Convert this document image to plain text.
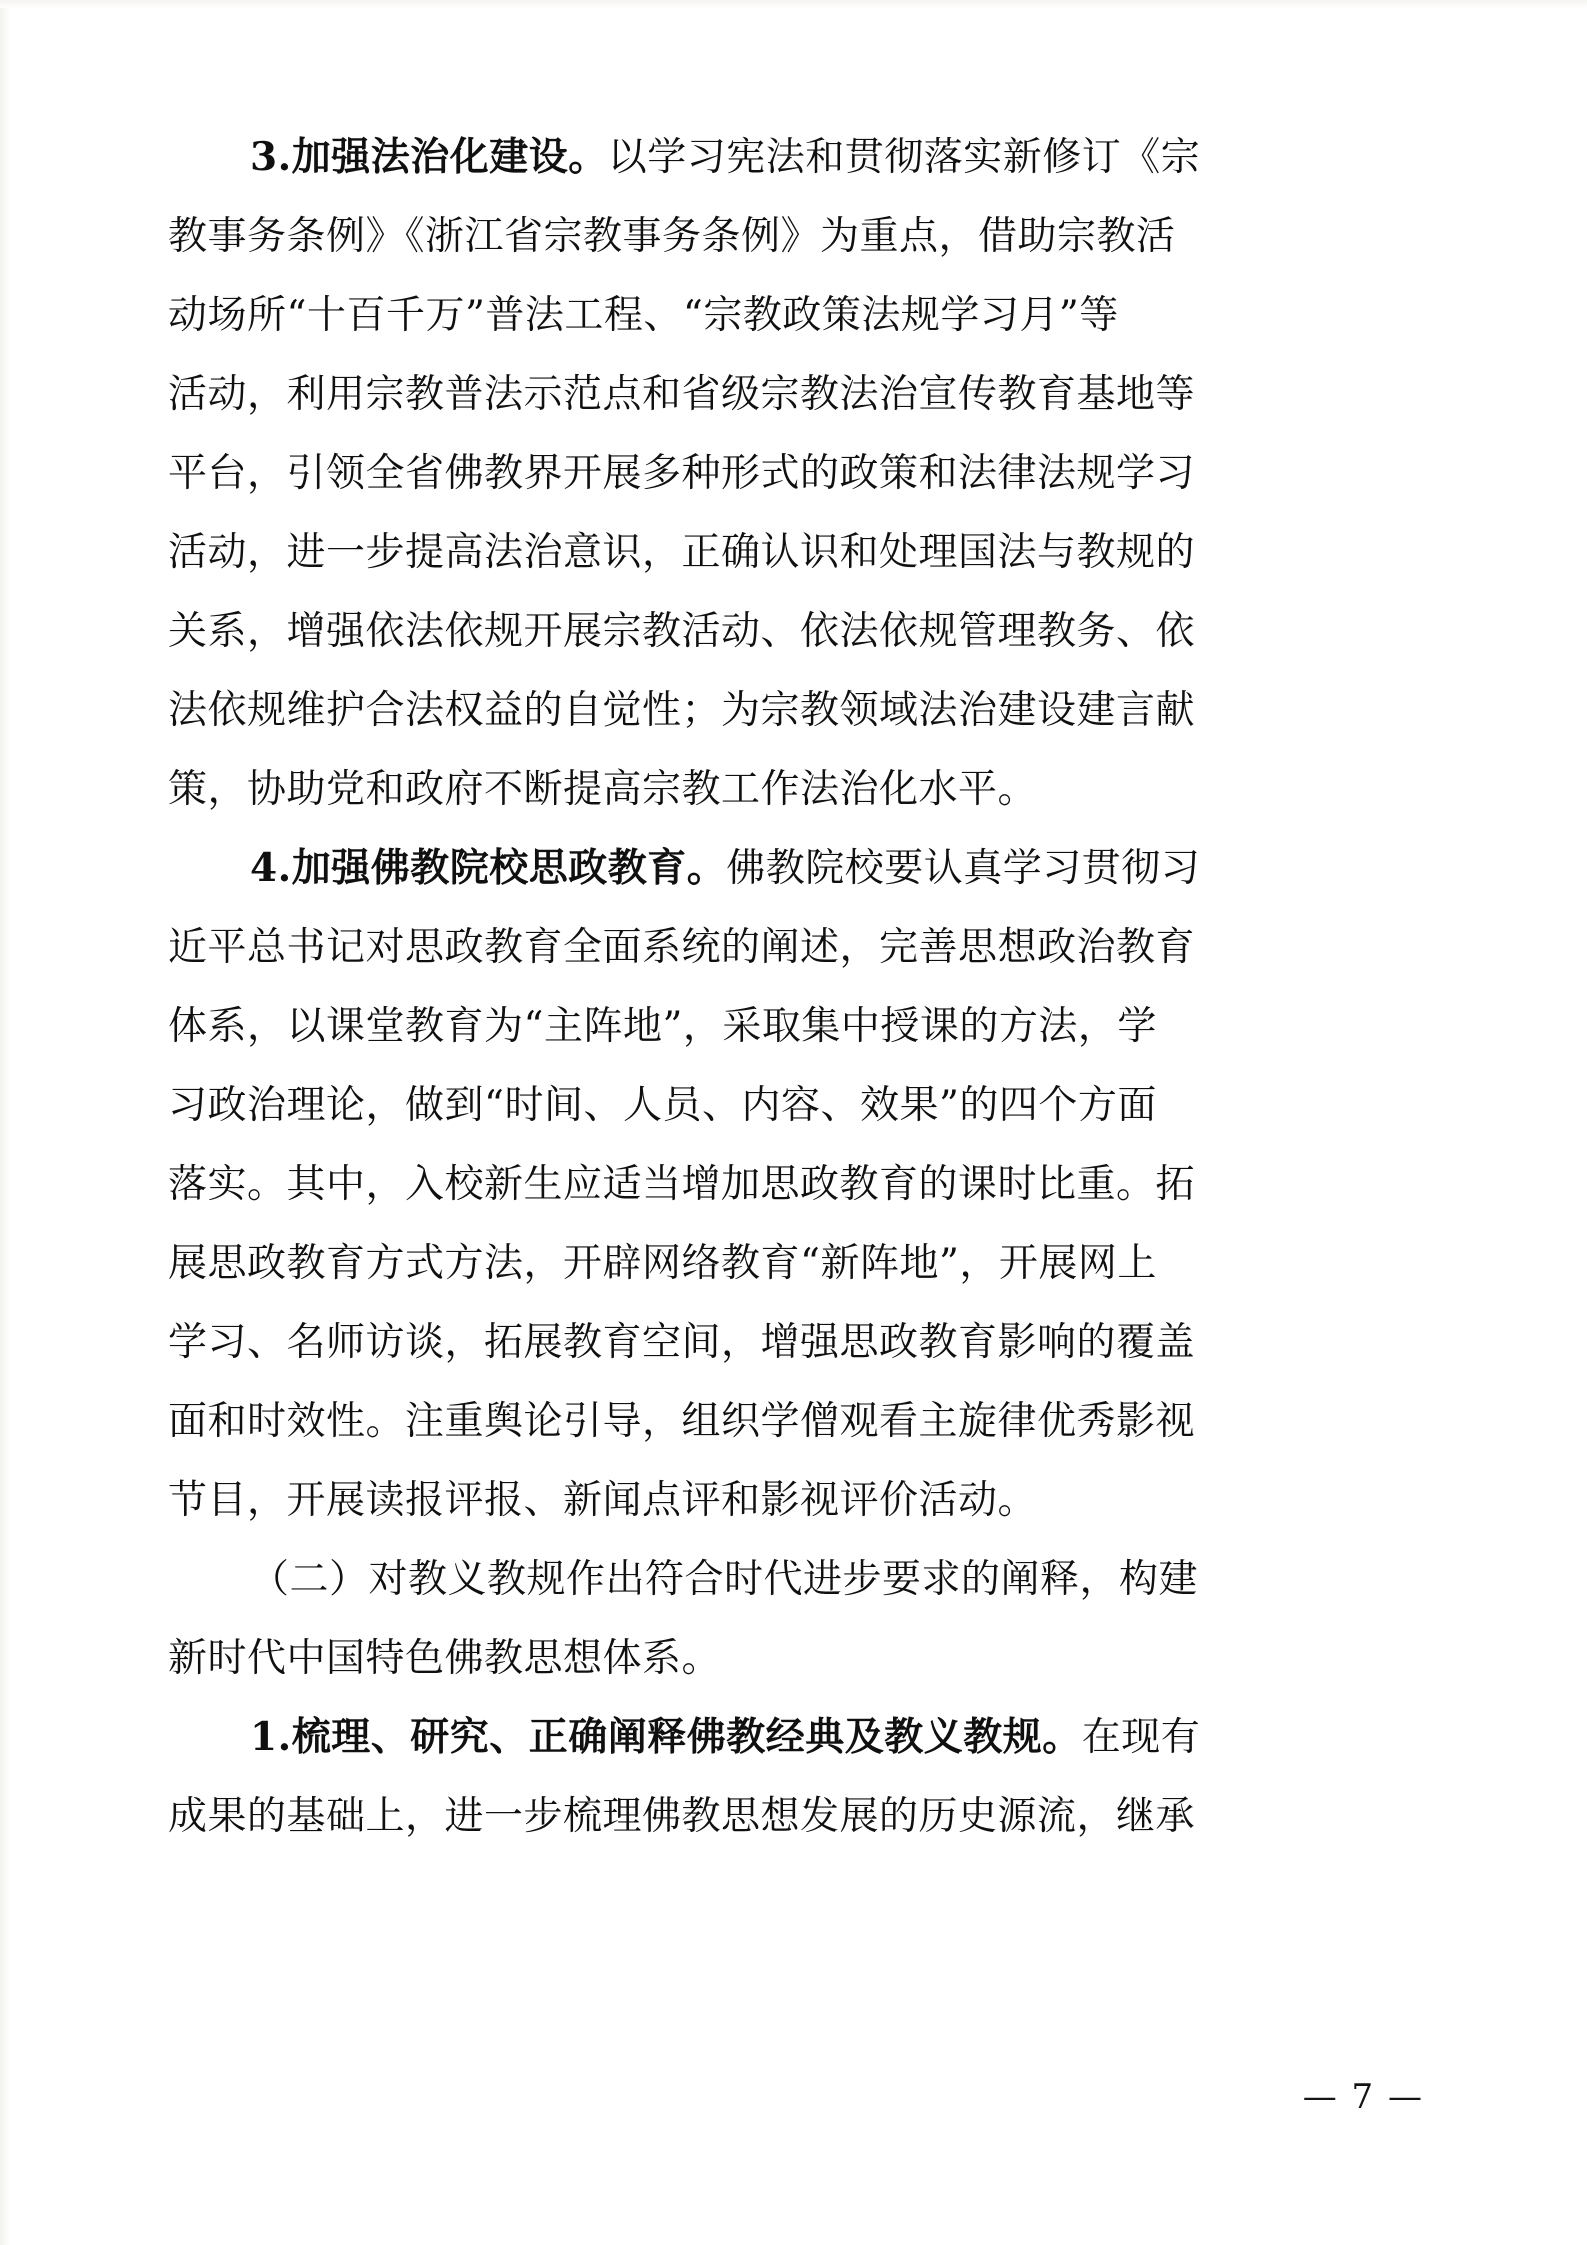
3.加强法治化建设。以学习宪法和贯彻落实新修订《宗
教事务条例》《浙江省宗教事务条例》为重点，借助宗教活
动场所“十百千万”普法工程、“宗教政策法规学习月”等
活动，利用宗教普法示范点和省级宗教法治宣传教育基地等
平台，引领全省佛教界开展多种形式的政策和法律法规学习
活动，进一步提高法治意识，正确认识和处理国法与教规的
关系，增强依法依规开展宗教活动、依法依规管理教务、依
法依规维护合法权益的自觉性；为宗教领域法治建设建言献
策，协助党和政府不断提高宗教工作法治化水平。
4.加强佛教院校思政教育。佛教院校要认真学习贯彻习
近平总书记对思政教育全面系统的阐述，完善思想政治教育
体系，以课堂教育为“主阵地”，采取集中授课的方法，学
习政治理论，做到“时间、人员、内容、效果”的四个方面
落实。其中，入校新生应适当增加思政教育的课时比重。拓
展思政教育方式方法，开辟网络教育“新阵地”，开展网上
学习、名师访谈，拓展教育空间，增强思政教育影响的覆盖
面和时效性。注重舆论引导，组织学僧观看主旋律优秀影视
节目，开展读报评报、新闻点评和影视评价活动。
（二）对教义教规作出符合时代进步要求的阐释，构建
新时代中国特色佛教思想体系。
1.梳理、研究、正确阐释佛教经典及教义教规。在现有
成果的基础上，进一步梳理佛教思想发展的历史源流，继承
— 7 —
